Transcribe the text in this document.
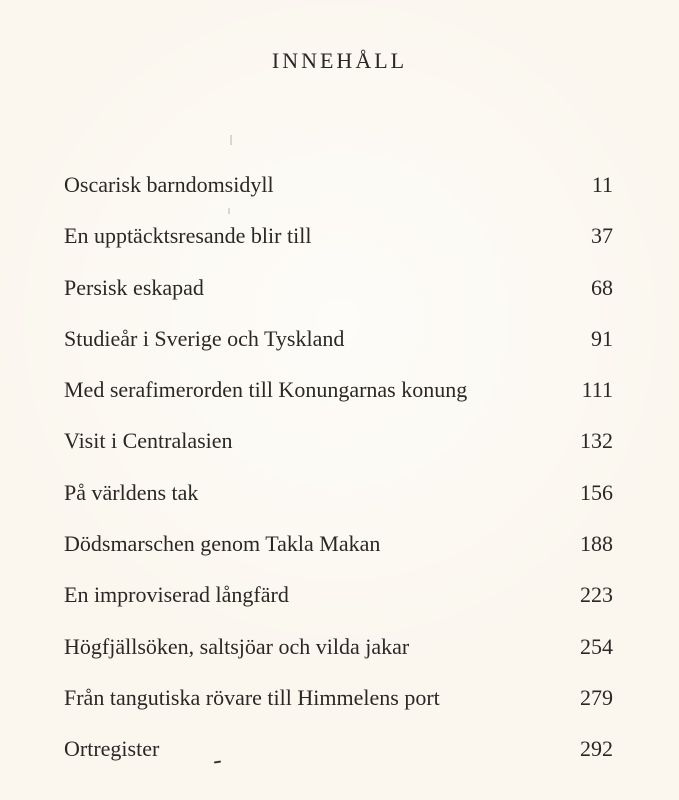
INNEHÅLL
Oscarisk barndomsidyll	11
En upptäcktsresande blir till	37
Persisk eskapad	68
Studieår i Sverige och Tyskland	91
Med serafimerorden till Konungarnas konung	111
Visit i Centralasien	132
På världens tak	156
Dödsmarschen genom Takla Makan	188
En improviserad långfärd	223
Högfjällsöken, saltsjöar och vilda jakar	254
Från tangutiska rövare till Himmelens port	279
Ortregister	292
